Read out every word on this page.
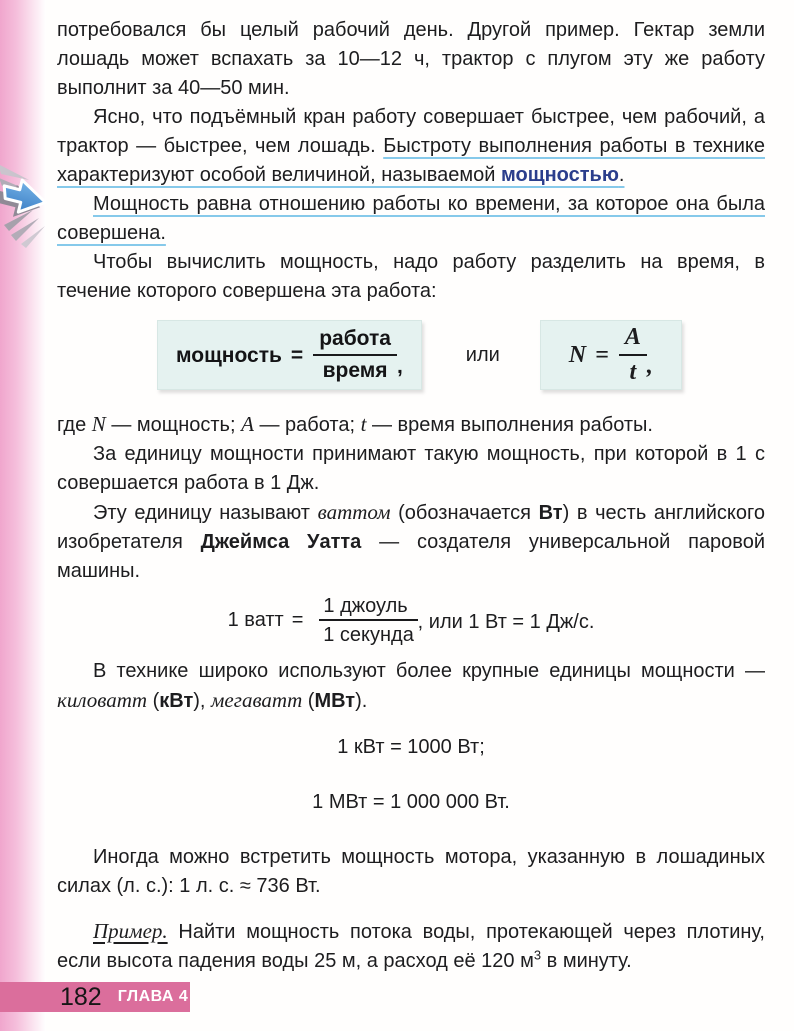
потребовался бы целый рабочий день. Другой пример. Гектар земли лошадь может вспахать за 10—12 ч, трактор с плугом эту же работу выполнит за 40—50 мин.

Ясно, что подъёмный кран работу совершает быстрее, чем рабочий, а трактор — быстрее, чем лошадь. Быстроту выполнения работы в технике характеризуют особой величиной, называемой мощностью.

Мощность равна отношению работы ко времени, за которое она была совершена.

Чтобы вычислить мощность, надо работу разделить на время, в течение которого совершена эта работа:

мощность = $\frac{\text{работа}}{\text{время}}$ ,	или	$N = \frac{A}{t}$ ,

где N — мощность; A — работа; t — время выполнения работы.

За единицу мощности принимают такую мощность, при которой в 1 с совершается работа в 1 Дж.

Эту единицу называют ваттом (обозначается Вт) в честь английского изобретателя Джеймса Уатта — создателя универсальной паровой машины.

1 ватт = $\frac{\text{1 джоуль}}{\text{1 секунда}}$ , или 1 Вт = 1 Дж/с.

В технике широко используют более крупные единицы мощности — киловатт (кВт), мегаватт (МВт).

1 кВт = 1000 Вт;

1 МВт = 1 000 000 Вт.

Иногда можно встретить мощность мотора, указанную в лошадиных силах (л. с.): 1 л. с. ≈ 736 Вт.

Пример. Найти мощность потока воды, протекающей через плотину, если высота падения воды 25 м, а расход её 120 $м^3$ в минуту.

182 ГЛАВА 4
